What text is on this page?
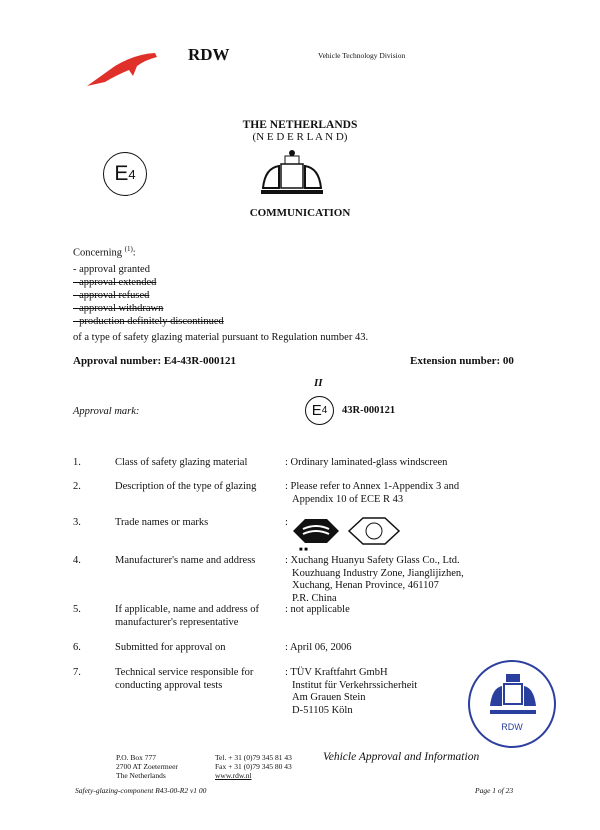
RDW	Vehicle Technology Division
THE NETHERLANDS
(N E D E R L A N D)
E 4
COMMUNICATION
Concerning $^{(1)}$:
- approval granted
- approval extended
- approval refused
- approval withdrawn
- production definitely discontinued
of a type of safety glazing material pursuant to Regulation number 43.
Approval number: E4-43R-000121	Extension number: 00
Approval mark:
II
E 4 43R-000121
1.	Class of safety glazing material	: Ordinary laminated-glass windscreen
2.	Description of the type of glazing	: Please refer to Annex 1-Appendix 3 and
Appendix 10 of ECE R 43
3.	Trade names or marks	:
■ ■
4.	Manufacturer's name and address	: Xuchang Huanyu Safety Glass Co., Ltd.
Kouzhuang Industry Zone, Jianglijizhen,
Xuchang, Henan Province, 461107
P.R. China
5.	If applicable, name and address of
manufacturer's representative
: not applicable
6.	Submitted for approval on	: April 06, 2006
7.	Technical service responsible for
conducting approval tests
: TÜV Kraftfahrt GmbH
Institut für Verkehrssicherheit
Am Grauen Stein
D-51105 Köln
RDW
P.O. Box 777
2700 AT Zoetermeer
The Netherlands
Tel. + 31 (0)79 345 81 43
Fax + 31 (0)79 345 80 43
www.rdw.nl
Vehicle Approval and Information
Safety-glazing-component R43-00-R2 v1 00	Page 1 of 23
